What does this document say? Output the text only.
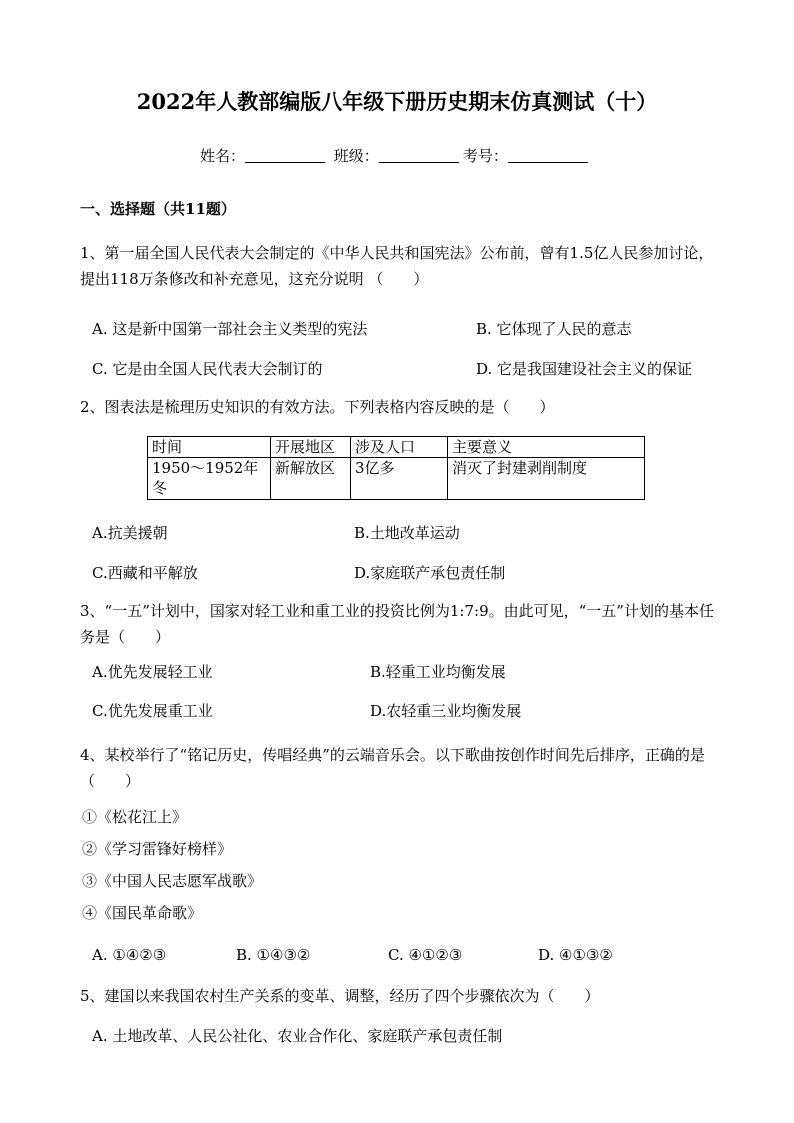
2022年人教部编版八年级下册历史期末仿真测试（十）
姓名：	班级：	考号：
一、选择题（共11题）
1、第一届全国人民代表大会制定的《中华人民共和国宪法》公布前，曾有1.5亿人民参加讨论，提出118万条修改和补充意见，这充分说明 （　　）
A. 这是新中国第一部社会主义类型的宪法	B. 它体现了人民的意志
C. 它是由全国人民代表大会制订的	D. 它是我国建设社会主义的保证
2、图表法是梳理历史知识的有效方法。下列表格内容反映的是（　　）
时间	开展地区	涉及人口	主要意义
1950～1952年冬	新解放区	3亿多	消灭了封建剥削制度
A.抗美援朝	B.土地改革运动
C.西藏和平解放	D.家庭联产承包责任制
3、“一五”计划中，国家对轻工业和重工业的投资比例为1:7:9。由此可见，“一五”计划的基本任务是（　　）
A.优先发展轻工业	B.轻重工业均衡发展
C.优先发展重工业	D.农轻重三业均衡发展
4、某校举行了“铭记历史，传唱经典”的云端音乐会。以下歌曲按创作时间先后排序，正确的是（　　）
①《松花江上》
②《学习雷锋好榜样》
③《中国人民志愿军战歌》
④《国民革命歌》
A. ①④②③	B. ①④③②	C. ④①②③	D. ④①③②
5、建国以来我国农村生产关系的变革、调整，经历了四个步骤依次为（　　）
A. 土地改革、人民公社化、农业合作化、家庭联产承包责任制
